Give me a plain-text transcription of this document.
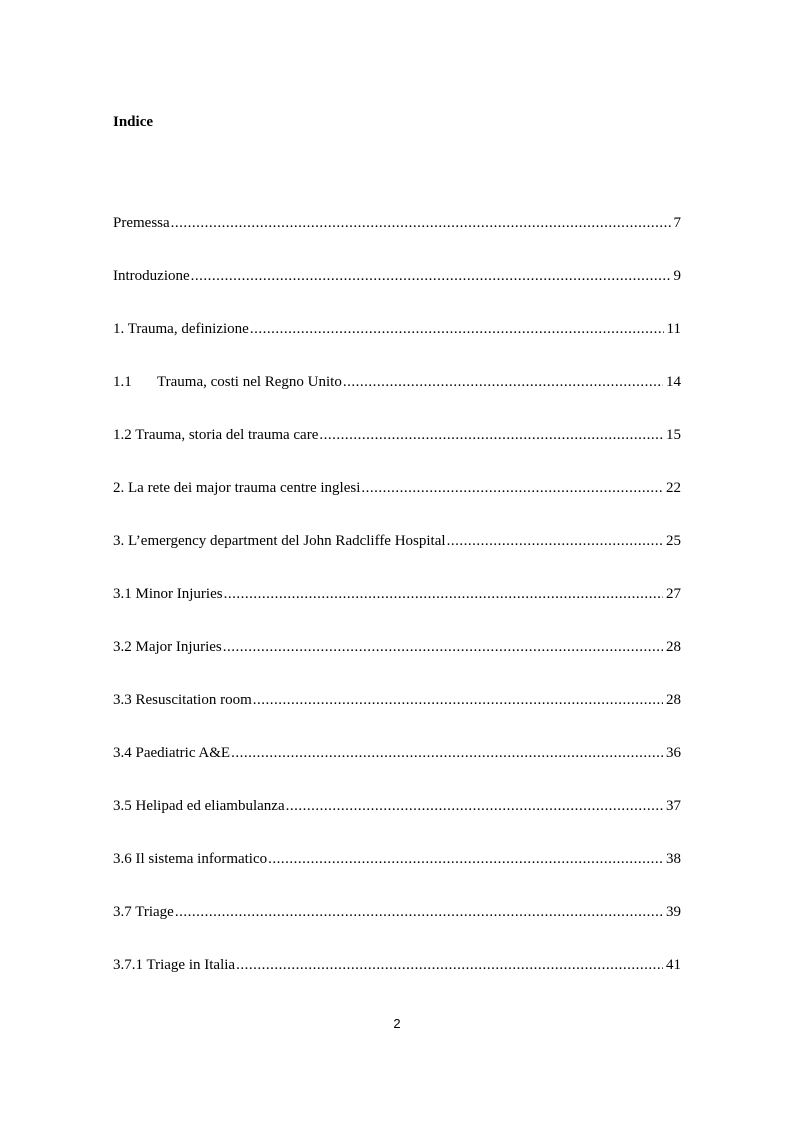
Indice
Premessa .....	7
Introduzione .....	9
1. Trauma, definizione .....	11
1.1 Trauma, costi nel Regno Unito .....	14
1.2 Trauma, storia del trauma care .....	15
2. La rete dei major trauma centre inglesi .....	22
3. L’emergency department del John Radcliffe Hospital .....	25
3.1 Minor Injuries .....	27
3.2 Major Injuries .....	28
3.3 Resuscitation room .....	28
3.4 Paediatric A&E .....	36
3.5 Helipad ed eliambulanza .....	37
3.6 Il sistema informatico .....	38
3.7 Triage .....	39
3.7.1 Triage in Italia .....	41
2
